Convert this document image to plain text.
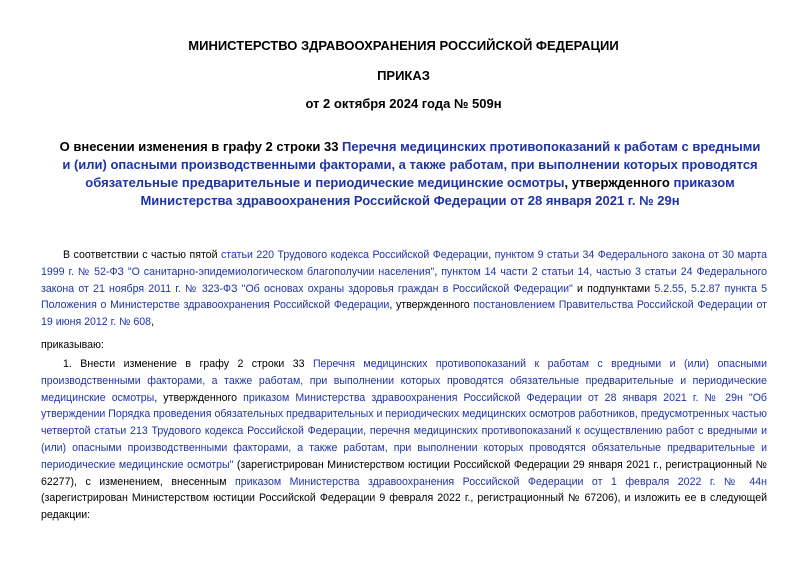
МИНИСТЕРСТВО ЗДРАВООХРАНЕНИЯ РОССИЙСКОЙ ФЕДЕРАЦИИ
ПРИКАЗ
от 2 октября 2024 года № 509н
О внесении изменения в графу 2 строки 33 Перечня медицинских противопоказаний к работам с вредными и (или) опасными производственными факторами, а также работам, при выполнении которых проводятся обязательные предварительные и периодические медицинские осмотры, утвержденного приказом Министерства здравоохранения Российской Федерации от 28 января 2021 г. № 29н
В соответствии с частью пятой статьи 220 Трудового кодекса Российской Федерации, пунктом 9 статьи 34 Федерального закона от 30 марта 1999 г. № 52-ФЗ "О санитарно-эпидемиологическом благополучии населения", пунктом 14 части 2 статьи 14, частью 3 статьи 24 Федерального закона от 21 ноября 2011 г. № 323-ФЗ "Об основах охраны здоровья граждан в Российской Федерации" и подпунктами 5.2.55, 5.2.87 пункта 5 Положения о Министерстве здравоохранения Российской Федерации, утвержденного постановлением Правительства Российской Федерации от 19 июня 2012 г. № 608,
приказываю:
1. Внести изменение в графу 2 строки 33 Перечня медицинских противопоказаний к работам с вредными и (или) опасными производственными факторами, а также работам, при выполнении которых проводятся обязательные предварительные и периодические медицинские осмотры, утвержденного приказом Министерства здравоохранения Российской Федерации от 28 января 2021 г. № 29н "Об утверждении Порядка проведения обязательных предварительных и периодических медицинских осмотров работников, предусмотренных частью четвертой статьи 213 Трудового кодекса Российской Федерации, перечня медицинских противопоказаний к осуществлению работ с вредными и (или) опасными производственными факторами, а также работам, при выполнении которых проводятся обязательные предварительные и периодические медицинские осмотры" (зарегистрирован Министерством юстиции Российской Федерации 29 января 2021 г., регистрационный № 62277), с изменением, внесенным приказом Министерства здравоохранения Российской Федерации от 1 февраля 2022 г. № 44н (зарегистрирован Министерством юстиции Российской Федерации 9 февраля 2022 г., регистрационный № 67206), и изложить ее в следующей редакции:
